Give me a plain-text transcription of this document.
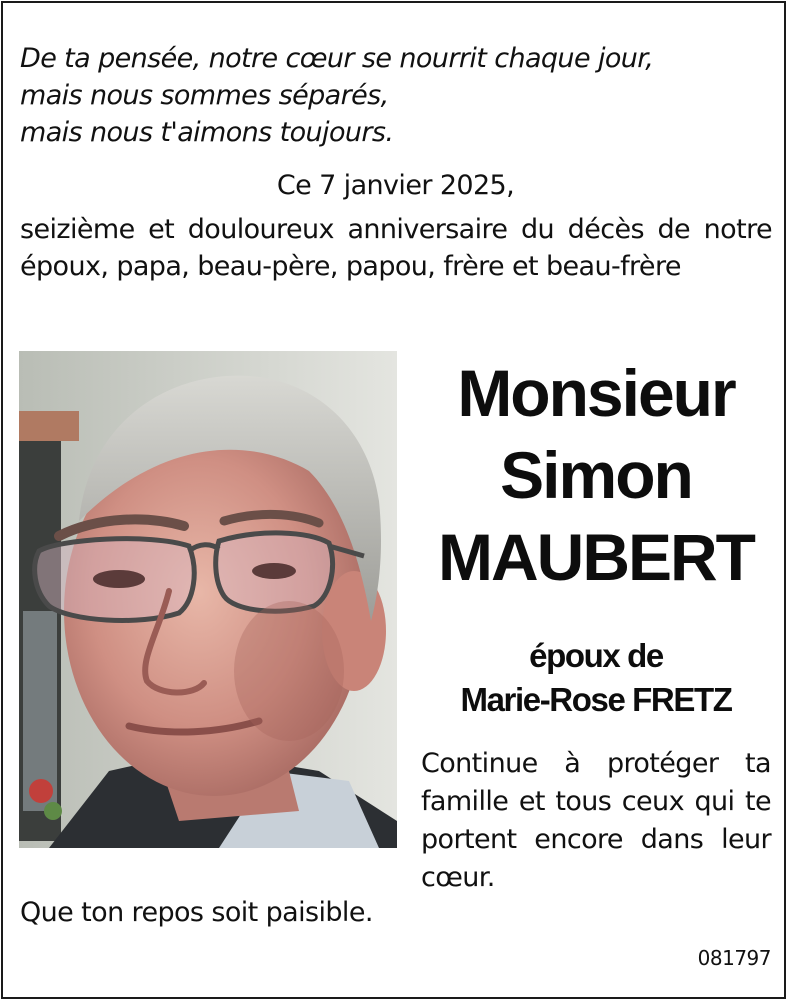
De ta pensée, notre cœur se nourrit chaque jour,
mais nous sommes séparés,
mais nous t'aimons toujours.
Ce 7 janvier 2025,

seizième et douloureux anniversaire du décès de notre époux, papa, beau-père, papou, frère et beau-frère

Monsieur
Simon
MAUBERT
époux de
Marie-Rose FRETZ

Continue à protéger ta famille et tous ceux qui te portent encore dans leur cœur.

Que ton repos soit paisible.
081797
